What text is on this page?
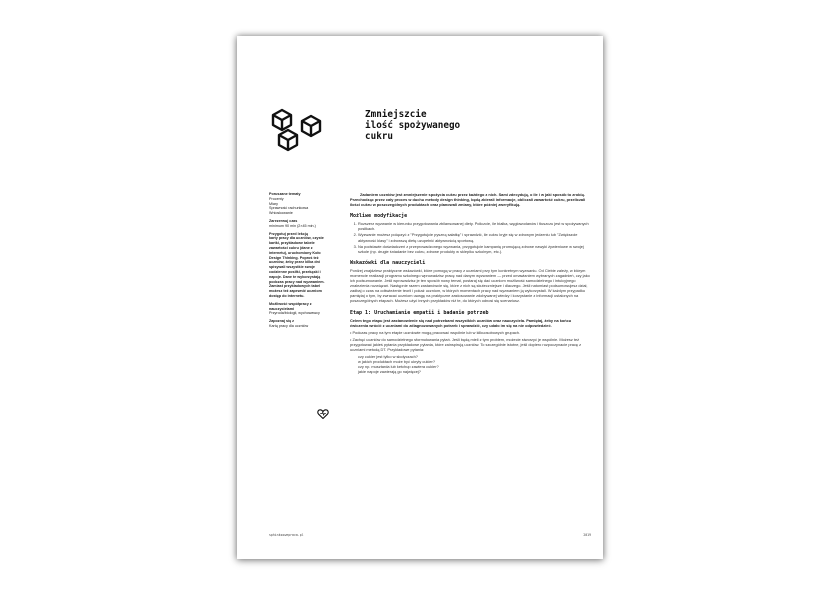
Zmniejszcie
ilość spożywanego
cukru
Poruszane tematy
Procenty
Miary
Sprawność rachunkowa
Wnioskowanie
Zarezerwuj czas
minimum 90 min (2×45 min.)
Przygotuj przed lekcją
karty pracy dla uczniów, czyste kartki, przykładowe tabele zawartości cukru (dane z internetu), uruchomiony Koło Design Thinking. Poproś też uczniów, żeby przez kilka dni spisywali wszystkie swoje codzienne posiłki, przekąski i napoje. Dane te wykorzystają podczas pracy nad wyzwaniem. Zamiast przykładowych tabel możesz też zapewnić uczniom dostęp do internetu.
Możliwość współpracy z nauczycielami
Przyroda/biologii, wychowawcy
Zapoznaj się z
Kartą pracy dla uczniów

Zadaniem uczniów jest zmniejszenie spożycia cukru przez każdego z nich. Sami zdecydują, o ile i w jaki sposób to zrobią. Przechodząc przez cały proces w duchu metody design thinking, będą zbierali informacje, obliczali zawartość cukru, przeliczali ilości cukru w poszczególnych produktach oraz planowali zmiany, które później zweryfikują.

Możliwe modyfikacje
1. Rozszerz wyzwanie w kierunku przygotowania zbilansowanej diety. Policzcie, ile białka, węglowodanów i tłuszczu jest w spożywanych posiłkach.
2. Wyzwanie możesz połączyć z "Przygotujcie pyszną sałatkę" i sprawdzić, ile cukru kryje się w zdrowym jedzeniu lub "Zwiększcie aktywność klasy" i zdrowszą dietę uzupełnić aktywnością sportową.
3. Na podstawie doświadczeń z przeprowadzonego wyzwania, przygotujcie kampanię promującą zdrowe nawyki żywieniowe w swojej szkole (np. drugie śniadanie bez cukru, zdrowe produkty w sklepiku szkolnym, etc.).
Wskazówki dla nauczycieli

Poniżej znajdziesz praktyczne wskazówki, które pomogą w pracy z uczniami przy tym konkretnym wyzwaniu. Od Ciebie zależy, w którym momencie realizacji programu szkolnego wprowadzisz pracę nad danym wyzwaniem — przed omawianiem wybranych zagadnień, czy jako ich podsumowanie. Jeśli wprowadzisz je ten sposób nowy temat, postaraj się dać uczniom możliwość samodzielnego i intuicyjnego znalezienia rozwiązań. Następnie razem zastanówcie się, które z nich są skuteczniejsze i dlaczego. Jeśli natomiast podsumowujesz dział, zadbaj o czas na odświeżenie teorii i pokaż uczniom, w których momentach pracy nad wyzwaniem ją wykorzystali. W każdym przypadku pamiętaj o tym, by zwracać uczniom uwagę na praktyczne zastosowanie zdobywanej wiedzy i korzystanie z informacji ustalonych na poszczególnych etapach. Możesz użyć innych przykładów niż te, do których odnosi się scenariusz.

Etap 1: Uruchamianie empatii i badanie potrzeb

Celem tego etapu jest zastanowienie się nad potrzebami wszystkich uczniów oraz nauczyciela. Pamiętaj, żeby na końcu ćwiczenia wrócić z uczniami do zdiagnozowanych potrzeb i sprawdzić, czy udało im się na nie odpowiedzieć.

• Podczas pracy na tym etapie uczniowie mogą pracować wspólnie lub w kilkuosobowych grupach.

• Zachęć uczniów do samodzielnego sformułowania pytań. Jeśli będą mieli z tym problem, możecie stworzyć je wspólnie. Możesz też przygotować jakieś pytania przykładowe pytania, które zainspirują uczniów. To szczególnie istotne, jeśli dopiero rozpoczynacie pracę z uczniami metodą DT. Przykładowe pytania:

czy cukier jest tylko w słodyczach?
w jakich produktach może być ukryty cukier?
czy np. musztarda lub ketchup zawiera cukier?
jakie napoje zawierają go najwięcej?
sphinksowepraca.pl	2019
